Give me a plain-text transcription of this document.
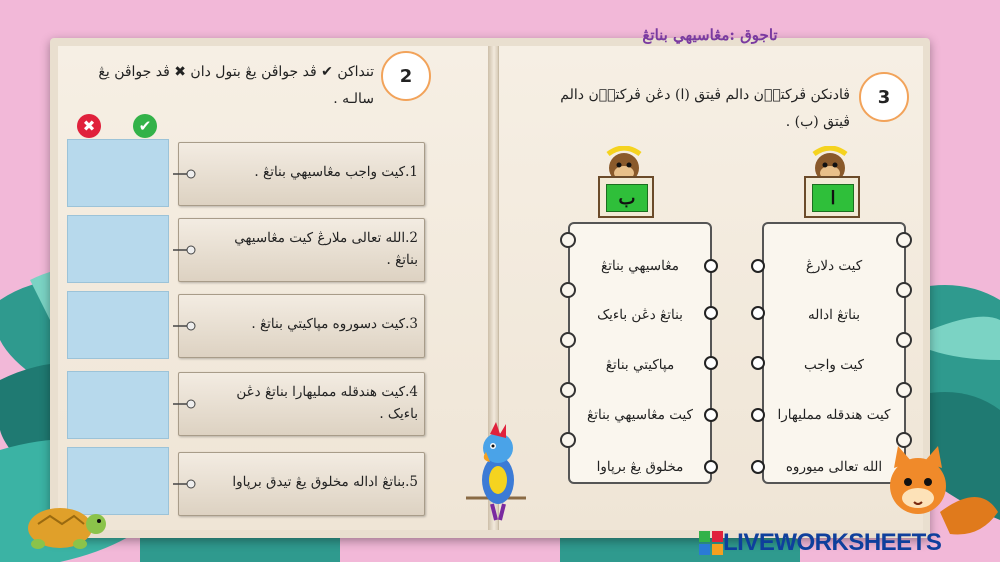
تاجوق :مڠاسيهي بناتڠ
2
تنداکن ✔ ڤد جواڤن يڠ بتول دان ✖ ڤد جواڤن يڠ سالـه .
✖	✔
1.کيت واجب مڠاسيهي بناتڠ .
2.الله تعالى ملارڠ کيت مڠاسيهي بناتڠ .
3.کيت دسوروه مپاکيتي بناتڠ .
4.کيت هندقله ممليهارا بناتڠ دڠن باءيک .
5.بناتڠ اداله مخلوق يڠ تيدق برڽاوا
3
ڤادنکن ڤرکتا۟ن دالم ڤيتق (ا) دڠن ڤرکتا۟ن دالم ڤيتق (ب) .
ب	ا
مڠاسيهي بناتڠ
بناتڠ دڠن باءيک
مپاکيتي بناتڠ
کيت مڠاسيهي بناتڠ
مخلوق يڠ برڽاوا
کيت دلارڠ
بناتڠ اداله
کيت واجب
کيت هندقله ممليهارا
الله تعالى ميوروه
LIVEWORKSHEETS
